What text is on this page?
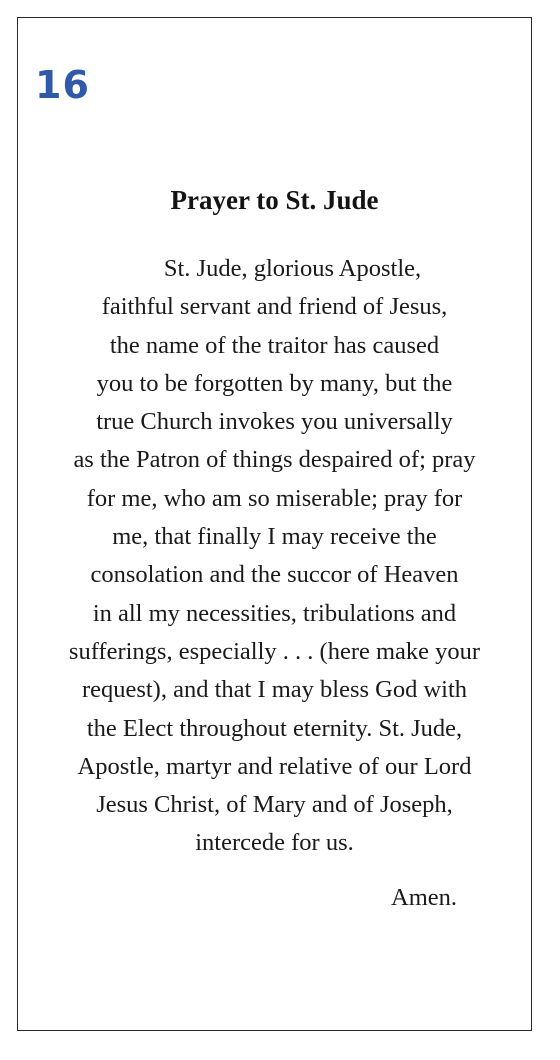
16
Prayer to St. Jude
St. Jude, glorious Apostle,
faithful servant and friend of Jesus,
the name of the traitor has caused
you to be forgotten by many, but the
true Church invokes you universally
as the Patron of things despaired of; pray
for me, who am so miserable; pray for
me, that finally I may receive the
consolation and the succor of Heaven
in all my necessities, tribulations and
sufferings, especially . . . (here make your
request), and that I may bless God with
the Elect throughout eternity. St. Jude,
Apostle, martyr and relative of our Lord
Jesus Christ, of Mary and of Joseph,
intercede for us.
Amen.
